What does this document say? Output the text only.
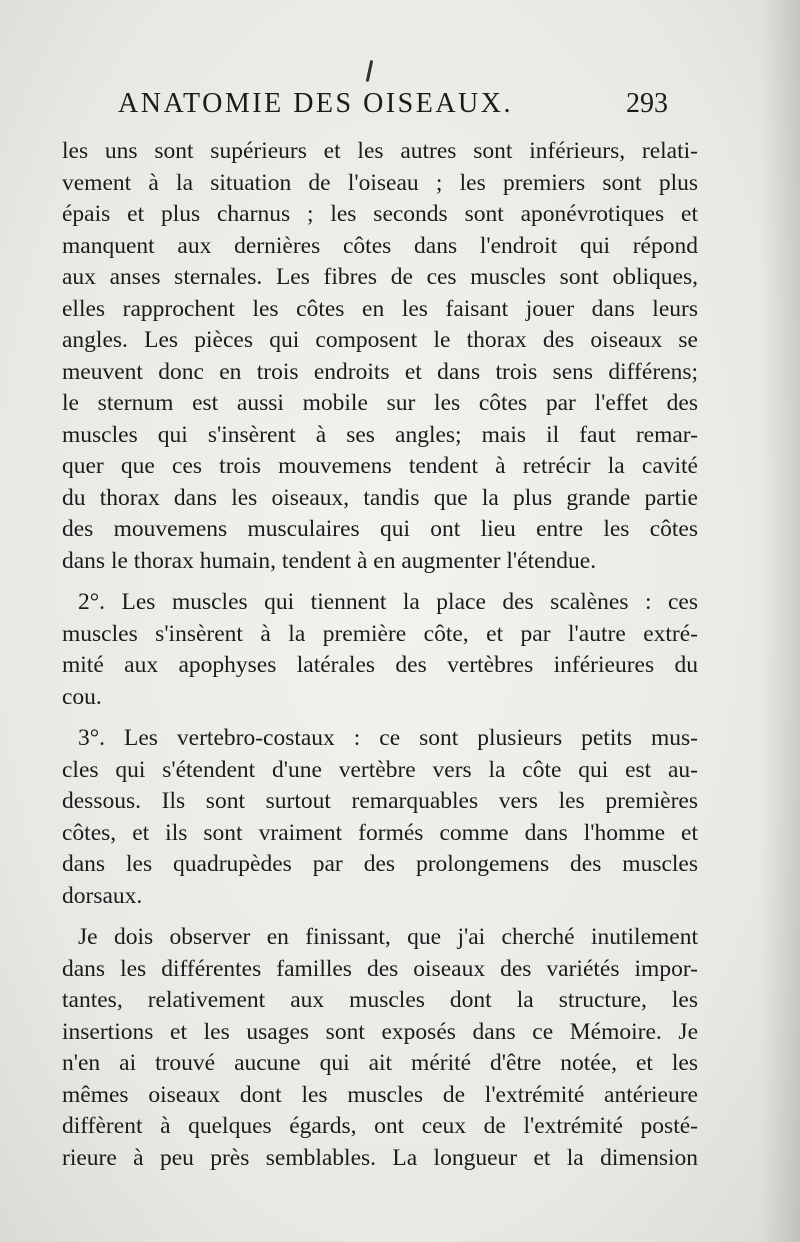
ANATOMIE DES OISEAUX.	293
les uns sont supérieurs et les autres sont inférieurs, relati-
vement à la situation de l'oiseau ; les premiers sont plus
épais et plus charnus ; les seconds sont aponévrotiques et
manquent aux dernières côtes dans l'endroit qui répond
aux anses sternales. Les fibres de ces muscles sont obliques,
elles rapprochent les côtes en les faisant jouer dans leurs
angles. Les pièces qui composent le thorax des oiseaux se
meuvent donc en trois endroits et dans trois sens différens;
le sternum est aussi mobile sur les côtes par l'effet des
muscles qui s'insèrent à ses angles; mais il faut remar-
quer que ces trois mouvemens tendent à retrécir la cavité
du thorax dans les oiseaux, tandis que la plus grande partie
des mouvemens musculaires qui ont lieu entre les côtes
dans le thorax humain, tendent à en augmenter l'étendue.
2°. Les muscles qui tiennent la place des scalènes : ces
muscles s'insèrent à la première côte, et par l'autre extré-
mité aux apophyses latérales des vertèbres inférieures du
cou.
3°. Les vertebro-costaux : ce sont plusieurs petits mus-
cles qui s'étendent d'une vertèbre vers la côte qui est au-
dessous. Ils sont surtout remarquables vers les premières
côtes, et ils sont vraiment formés comme dans l'homme et
dans les quadrupèdes par des prolongemens des muscles
dorsaux.
Je dois observer en finissant, que j'ai cherché inutilement
dans les différentes familles des oiseaux des variétés impor-
tantes, relativement aux muscles dont la structure, les
insertions et les usages sont exposés dans ce Mémoire. Je
n'en ai trouvé aucune qui ait mérité d'être notée, et les
mêmes oiseaux dont les muscles de l'extrémité antérieure
diffèrent à quelques égards, ont ceux de l'extrémité posté-
rieure à peu près semblables. La longueur et la dimension
